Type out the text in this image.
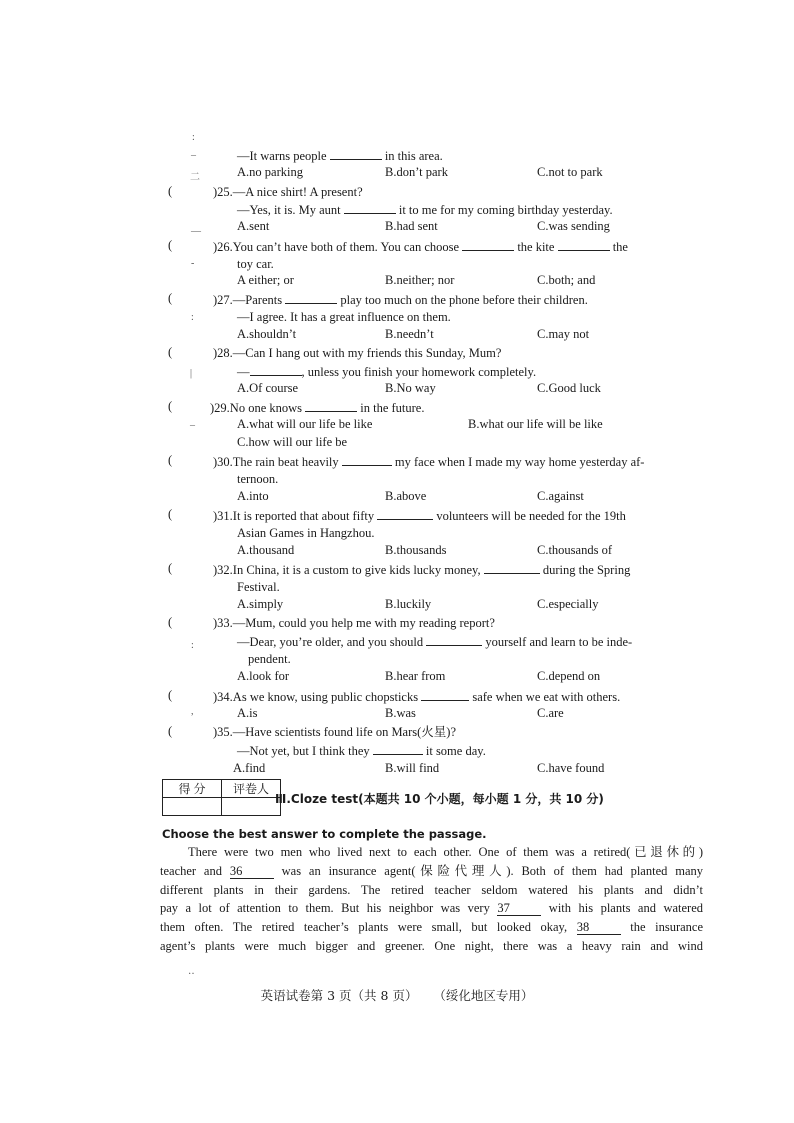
—It warns people	in this area.
A.no parking	B.don’t park	C.not to park
(	)25.—A nice shirt! A present?
—Yes, it is. My aunt	it to me for my coming birthday yesterday.
A.sent	B.had sent	C.was sending
(	)26.You can’t have both of them. You can choose	the kite	the
toy car.
A either; or	B.neither; nor	C.both; and
(	)27.—Parents	play too much on the phone before their children.
—I agree. It has a great influence on them.
A.shouldn’t	B.needn’t	C.may not
(	)28.—Can I hang out with my friends this Sunday, Mum?
—	, unless you finish your homework completely.
A.Of course	B.No way	C.Good luck
(	)29.No one knows	in the future.
A.what will our life be like	B.what our life will be like
C.how will our life be
(	)30.The rain beat heavily	my face when I made my way home yesterday af-
ternoon.
A.into	B.above	C.against
(	)31.It is reported that about fifty	volunteers will be needed for the 19th
Asian Games in Hangzhou.
A.thousand	B.thousands	C.thousands of
(	)32.In China, it is a custom to give kids lucky money,	during the Spring
Festival.
A.simply	B.luckily	C.especially
(	)33.—Mum, could you help me with my reading report?
—Dear, you’re older, and you should	yourself and learn to be inde-
pendent.
A.look for	B.hear from	C.depend on
(	)34.As we know, using public chopsticks	safe when we eat with others.
A.is	B.was	C.are
(	)35.—Have scientists found life on Mars(火星)?
—Not yet, but I think they	it some day.
A.find	B.will find	C.have found
得 分	评卷人

Ⅲ.Cloze test(本题共 10 个小题，每小题 1 分，共 10 分)
Choose the best answer to complete the passage.
There were two men who lived next to each other. One of them was a retired(已退休的)
teacher and 36	was an insurance agent(保险代理人). Both of them had planted many
different plants in their gardens. The retired teacher seldom watered his plants and didn’t
pay a lot of attention to them. But his neighbor was very 37	with his plants and watered
them often. The retired teacher’s plants were small, but looked okay, 38	the insurance
agent’s plants were much bigger and greener. One night, there was a heavy rain and wind
英语试卷第 3 页（共 8 页）    （绥化地区专用）
:
–
二
—
-
:
|
–
:
,
‥
